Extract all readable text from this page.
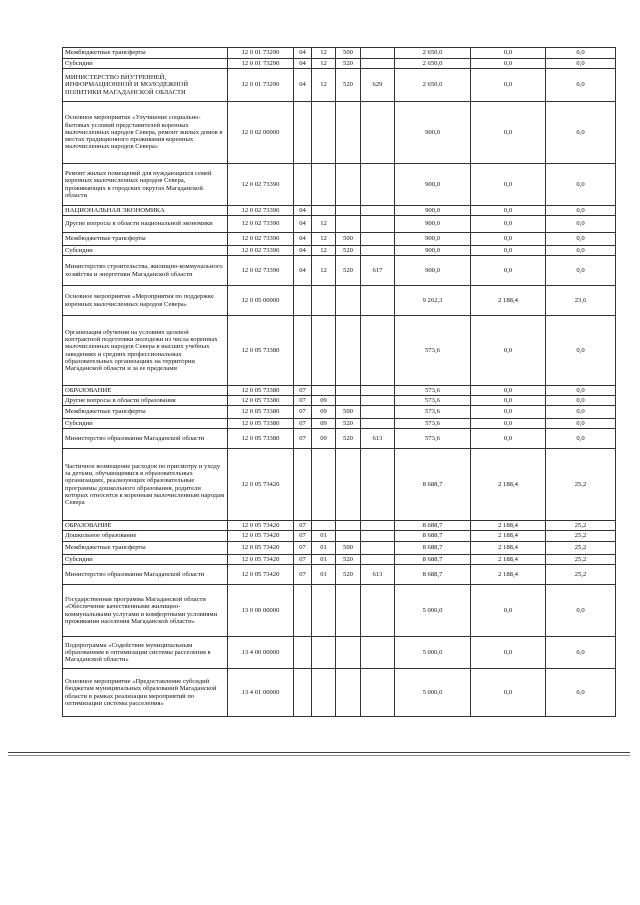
Межбюджетные трансферты	12 0 01 73290	04	12	500		2 650,0	0,0	0,0
Субсидии	12 0 01 73290	04	12	520		2 650,0	0,0	0,0
МИНИСТЕРСТВО ВНУТРЕННЕЙ, ИНФОРМАЦИОННОЙ И МОЛОДЕЖНОЙ ПОЛИТИКИ МАГАДАНСКОЙ ОБЛАСТИ	12 0 01 73290	04	12	520	629	2 650,0	0,0	0,0
Основное мероприятие «Улучшение социально-бытовых условий представителей коренных малочисленных народов Севера, ремонт жилых домов в местах традиционного проживания коренных малочисленных народов Севера»	12 0 02 00000					900,0	0,0	0,0
Ремонт жилых помещений для нуждающихся семей коренных малочисленных народов Севера, проживающих в городских округах Магаданской области	12 0 02 73390					900,0	0,0	0,0
НАЦИОНАЛЬНАЯ ЭКОНОМИКА	12 0 02 73390	04				900,0	0,0	0,0
Другие вопросы в области национальной экономики	12 0 02 73390	04	12			900,0	0,0	0,0
Межбюджетные трансферты	12 0 02 73390	04	12	500		900,0	0,0	0,0
Субсидии	12 0 02 73390	04	12	520		900,0	0,0	0,0
Министерство строительства, жилищно-коммунального хозяйства и энергетики Магаданской области	12 0 02 73390	04	12	520	617	900,0	0,0	0,0
Основное мероприятие «Мероприятия по поддержке коренных малочисленных народов Севера»	12 0 05 00000					9 262,3	2 188,4	23,6
Организация обучения на условиях целевой контрактной подготовки молодежи из числа коренных малочисленных народов Севера в высших учебных заведениях и средних профессиональных образовательных организациях на территории Магаданской области и за ее пределами	12 0 05 73380					573,6	0,0	0,0
ОБРАЗОВАНИЕ	12 0 05 73380	07				573,6	0,0	0,0
Другие вопросы в области образования	12 0 05 73380	07	09			573,6	0,0	0,0
Межбюджетные трансферты	12 0 05 73380	07	09	500		573,6	0,0	0,0
Субсидии	12 0 05 73380	07	09	520		573,6	0,0	0,0
Министерство образования Магаданской области	12 0 05 73380	07	09	520	613	573,6	0,0	0,0
Частичное возмещение расходов по присмотру и уходу за детьми, обучающимися в образовательных организациях, реализующих образовательные программы дошкольного образования, родители которых относятся к коренным малочисленным народам Севера	12 0 05 73420					8 688,7	2 188,4	25,2
ОБРАЗОВАНИЕ	12 0 05 73420	07				8 688,7	2 188,4	25,2
Дошкольное образование	12 0 05 73420	07	01			8 688,7	2 188,4	25,2
Межбюджетные трансферты	12 0 05 73420	07	01	500		8 688,7	2 188,4	25,2
Субсидии	12 0 05 73420	07	01	520		8 688,7	2 188,4	25,2
Министерство образования Магаданской области	12 0 05 73420	07	01	520	613	8 688,7	2 188,4	25,2
Государственная программа Магаданской области «Обеспечение качественными жилищно-коммунальными услугами и комфортными условиями проживания населения Магаданской области»	13 0 00 00000					5 000,0	0,0	0,0
Подпрограмма «Содействие муниципальным образованиям в оптимизации системы расселения в Магаданской области»	13 4 00 00000					5 000,0	0,0	0,0
Основное мероприятие «Предоставление субсидий бюджетам муниципальных образований Магаданской области в рамках реализации мероприятий по оптимизации системы расселения»	13 4 01 00000					5 000,0	0,0	0,0
